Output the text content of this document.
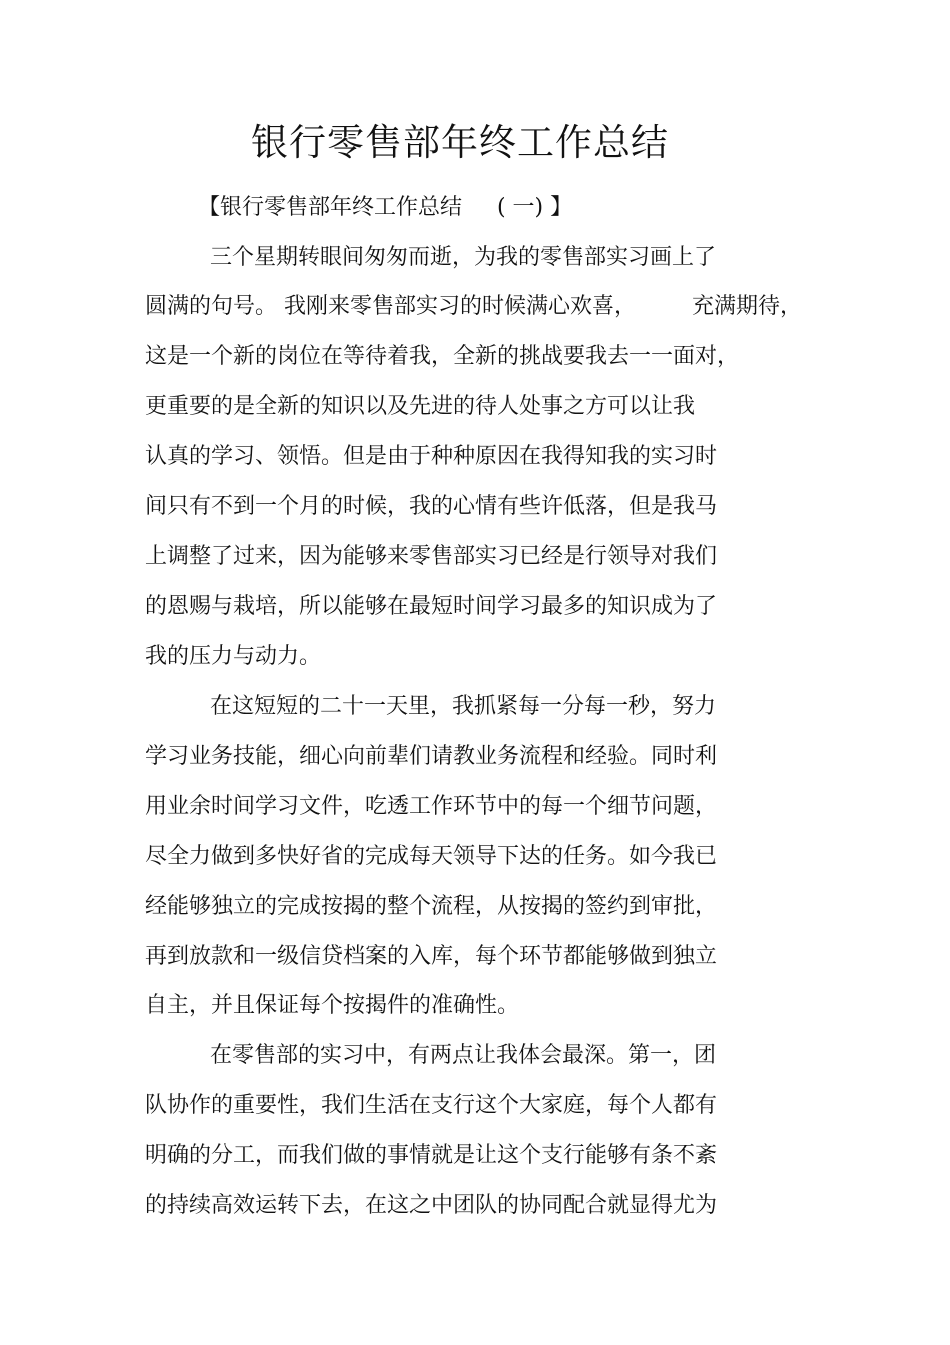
银行零售部年终工作总结
【银行零售部年终工作总结     ( 一) 】
三个星期转眼间匆匆而逝，为我的零售部实习画上了
圆满的句号。 我刚来零售部实习的时候满心欢喜，        充满期待，
这是一个新的岗位在等待着我，全新的挑战要我去一一面对，
更重要的是全新的知识以及先进的待人处事之方可以让我
认真的学习、领悟。但是由于种种原因在我得知我的实习时
间只有不到一个月的时候，我的心情有些许低落，但是我马
上调整了过来，因为能够来零售部实习已经是行领导对我们
的恩赐与栽培，所以能够在最短时间学习最多的知识成为了
我的压力与动力。
在这短短的二十一天里，我抓紧每一分每一秒，努力
学习业务技能，细心向前辈们请教业务流程和经验。同时利
用业余时间学习文件，吃透工作环节中的每一个细节问题，
尽全力做到多快好省的完成每天领导下达的任务。如今我已
经能够独立的完成按揭的整个流程，从按揭的签约到审批，
再到放款和一级信贷档案的入库，每个环节都能够做到独立
自主，并且保证每个按揭件的准确性。
在零售部的实习中，有两点让我体会最深。第一，团
队协作的重要性，我们生活在支行这个大家庭，每个人都有
明确的分工，而我们做的事情就是让这个支行能够有条不紊
的持续高效运转下去，在这之中团队的协同配合就显得尤为
